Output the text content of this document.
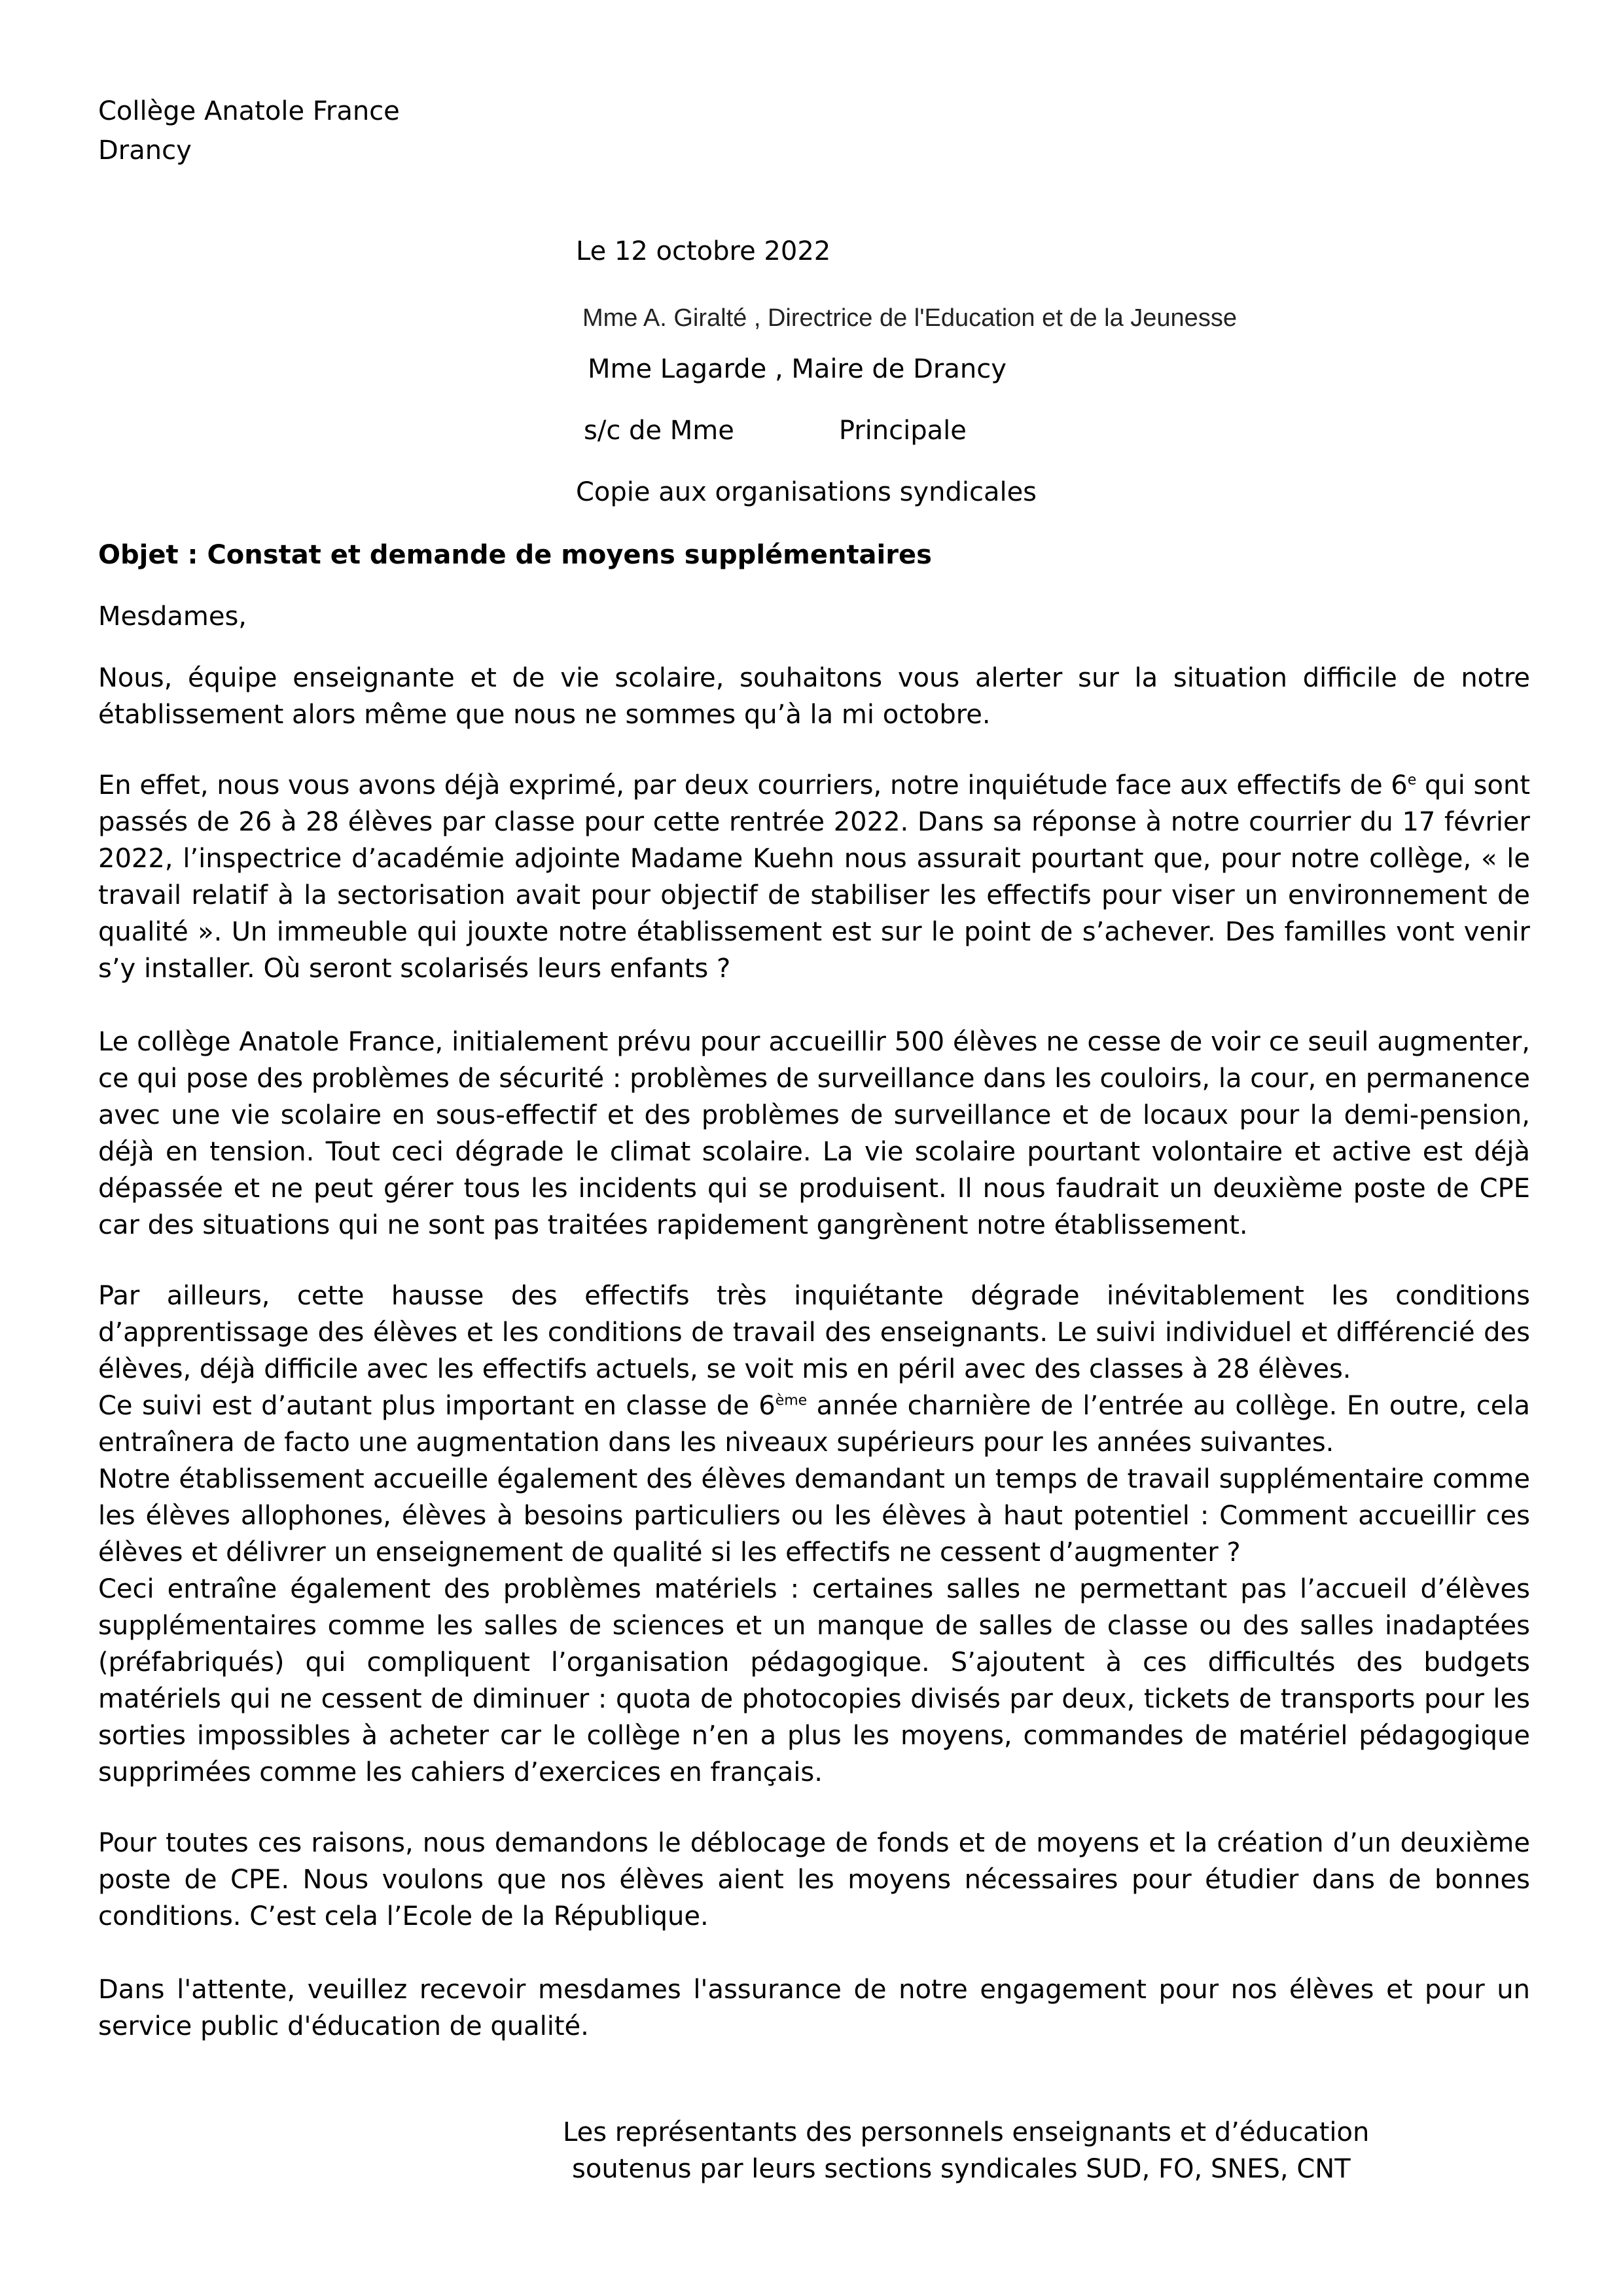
Collège Anatole France
Drancy
Le 12 octobre 2022
Mme A. Giralté , Directrice de l'Education et de la Jeunesse
Mme Lagarde , Maire de Drancy
s/c de Mme	Principale
Copie aux organisations syndicales
Objet : Constat et demande de moyens supplémentaires
Mesdames,

Nous, équipe enseignante et de vie scolaire, souhaitons vous alerter sur la situation difficile de notre établissement alors même que nous ne sommes qu’à la mi octobre.

En effet, nous vous avons déjà exprimé, par deux courriers, notre inquiétude face aux effectifs de 6e qui sont passés de 26 à 28 élèves par classe pour cette rentrée 2022. Dans sa réponse à notre courrier du 17 février 2022, l’inspectrice d’académie adjointe Madame Kuehn nous assurait pourtant que, pour notre collège, « le travail relatif à la sectorisation avait pour objectif de stabiliser les effectifs pour viser un environnement de qualité ». Un immeuble qui jouxte notre établissement est sur le point de s’achever. Des familles vont venir s’y installer. Où seront scolarisés leurs enfants ?

Le collège Anatole France, initialement prévu pour accueillir 500 élèves ne cesse de voir ce seuil augmenter, ce qui pose des problèmes de sécurité : problèmes de surveillance dans les couloirs, la cour, en permanence avec une vie scolaire en sous-effectif et des problèmes de surveillance et de locaux pour la demi-pension, déjà en tension. Tout ceci dégrade le climat scolaire. La vie scolaire pourtant volontaire et active est déjà dépassée et ne peut gérer tous les incidents qui se produisent. Il nous faudrait un deuxième poste de CPE car des situations qui ne sont pas traitées rapidement gangrènent notre établissement.

Par ailleurs, cette hausse des effectifs très inquiétante dégrade inévitablement les conditions d’apprentissage des élèves et les conditions de travail des enseignants. Le suivi individuel et différencié des élèves, déjà difficile avec les effectifs actuels, se voit mis en péril avec des classes à 28 élèves.

Ce suivi est d’autant plus important en classe de 6ème année charnière de l’entrée au collège. En outre, cela entraînera de facto une augmentation dans les niveaux supérieurs pour les années suivantes.

Notre établissement accueille également des élèves demandant un temps de travail supplémentaire comme les élèves allophones, élèves à besoins particuliers ou les élèves à haut potentiel : Comment accueillir ces élèves et délivrer un enseignement de qualité si les effectifs ne cessent d’augmenter ?

Ceci entraîne également des problèmes matériels : certaines salles ne permettant pas l’accueil d’élèves supplémentaires comme les salles de sciences et un manque de salles de classe ou des salles inadaptées (préfabriqués) qui compliquent l’organisation pédagogique. S’ajoutent à ces difficultés des budgets matériels qui ne cessent de diminuer : quota de photocopies divisés par deux, tickets de transports pour les sorties impossibles à acheter car le collège n’en a plus les moyens, commandes de matériel pédagogique supprimées comme les cahiers d’exercices en français.

Pour toutes ces raisons, nous demandons le déblocage de fonds et de moyens et la création d’un deuxième poste de CPE. Nous voulons que nos élèves aient les moyens nécessaires pour étudier dans de bonnes conditions. C’est cela l’Ecole de la République.

Dans l'attente, veuillez recevoir mesdames l'assurance de notre engagement pour nos élèves et pour un service public d'éducation de qualité.

Les représentants des personnels enseignants et d’éducation
soutenus par leurs sections syndicales SUD, FO, SNES, CNT
